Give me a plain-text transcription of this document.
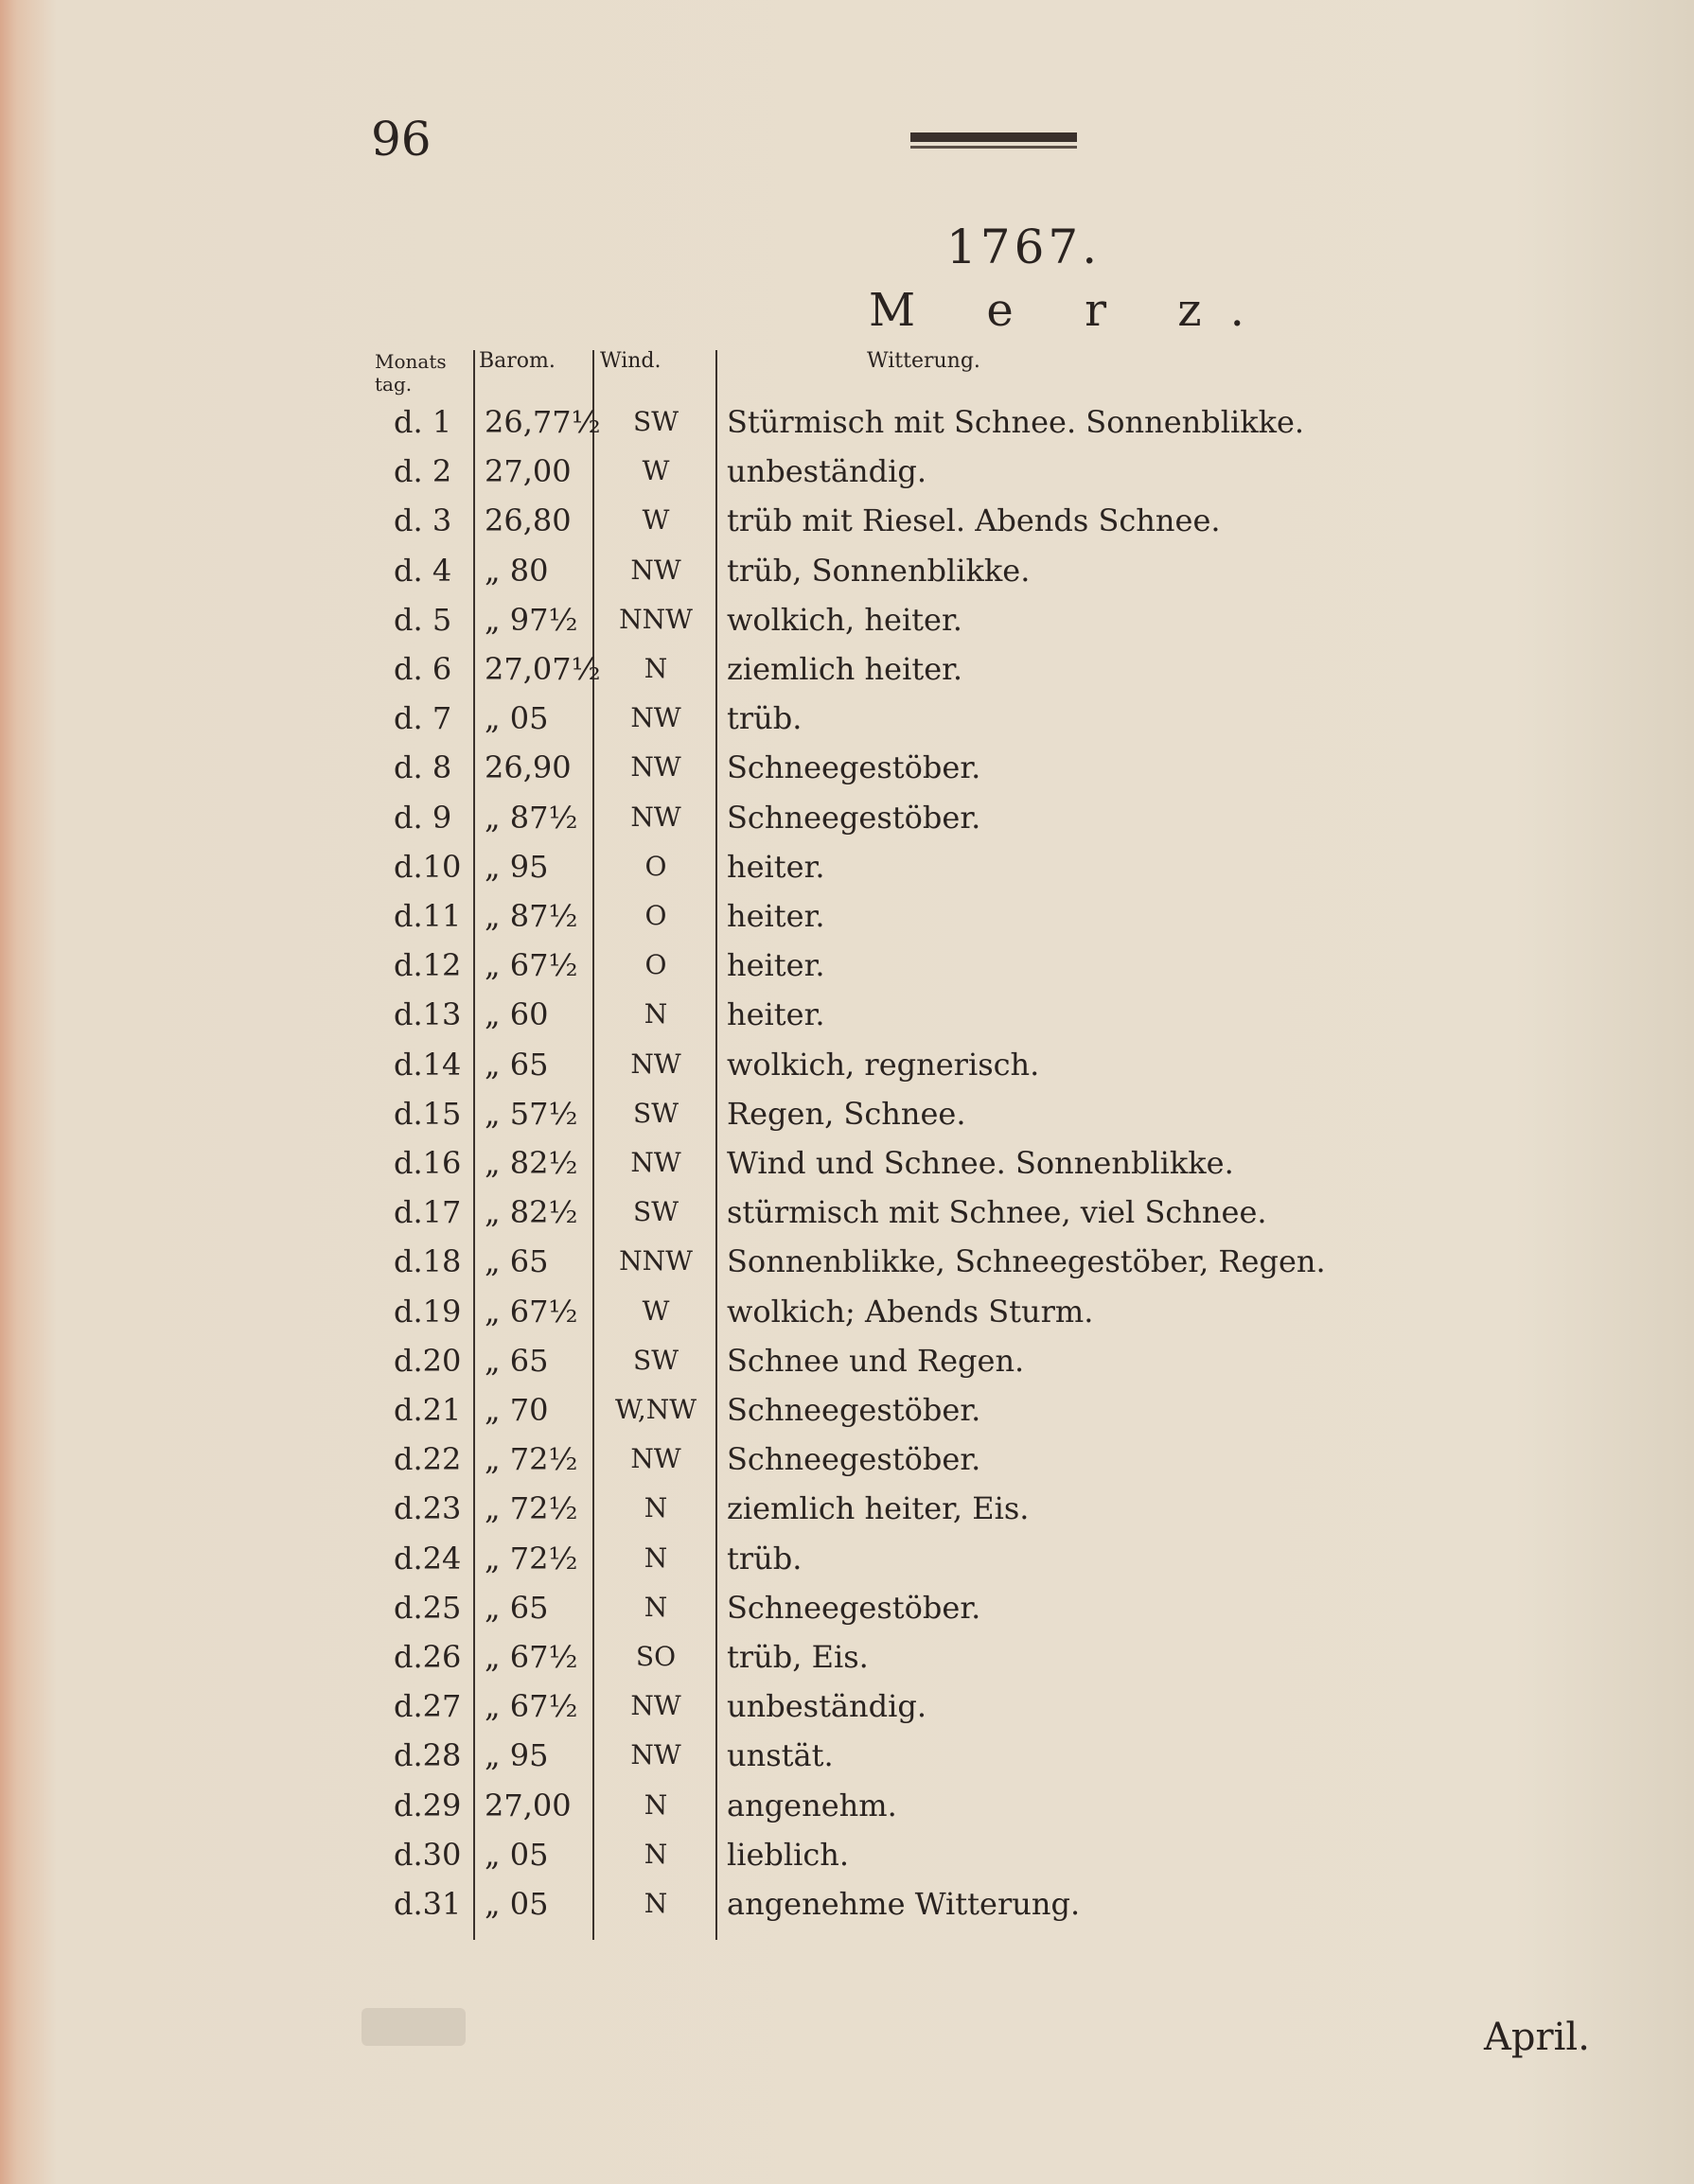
96
1767.
M e r z.
Monats tag.
Barom. Wind.	Witterung.
d. 1	26,77½	SW	Stürmisch mit Schnee. Sonnenblikke.
d. 2	27,00	W	unbeständig.
d. 3	26,80	W	trüb mit Riesel. Abends Schnee.
d. 4	„ 80	NW	trüb, Sonnenblikke.
d. 5	„ 97½	NNW	wolkich, heiter.
d. 6	27,07½	N	ziemlich heiter.
d. 7	„ 05	NW	trüb.
d. 8	26,90	NW	Schneegestöber.
d. 9	„ 87½	NW	Schneegestöber.
d.10 „ 95	O	heiter.
d.11 „ 87½	O	heiter.
d.12 „ 67½	O	heiter.
d.13 „ 60	N	heiter.
d.14 „ 65	NW	wolkich, regnerisch.
d.15 „ 57½	SW	Regen, Schnee.
d.16 „ 82½	NW	Wind und Schnee. Sonnenblikke.
d.17 „ 82½	SW	stürmisch mit Schnee, viel Schnee.
d.18 „ 65	NNW	Sonnenblikke, Schneegestöber, Regen.
d.19 „ 67½	W	wolkich; Abends Sturm.
d.20 „ 65	SW	Schnee und Regen.
d.21 „ 70	W,NW Schneegestöber.
d.22 „ 72½	NW	Schneegestöber.
d.23 „ 72½	N	ziemlich heiter, Eis.
d.24 „ 72½	N	trüb.
d.25 „ 65	N	Schneegestöber.
d.26 „ 67½	SO	trüb, Eis.
d.27 „ 67½	NW	unbeständig.
d.28 „ 95	NW	unstät.
d.29 27,00	N	angenehm.
d.30 „ 05	N	lieblich.
d.31 „ 05	N	angenehme Witterung.
April.
